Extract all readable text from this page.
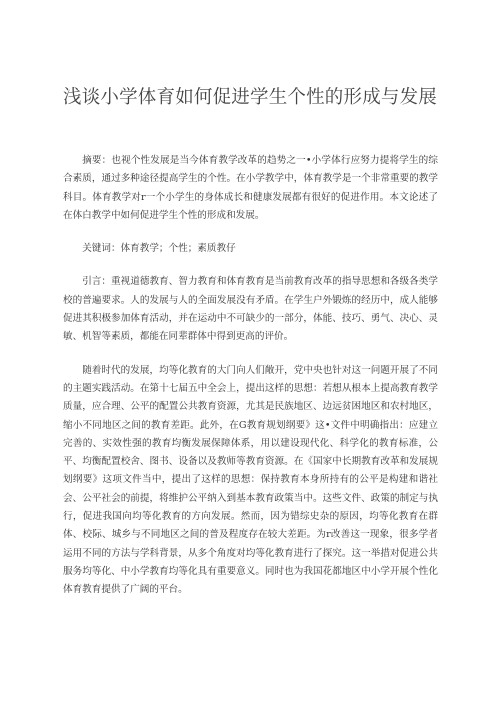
浅谈小学体育如何促进学生个性的形成与发展

摘要：也视个性发展是当今体育教学改革的趋势之一•小学体行应努力提将学生的综合素质，通过多种途径提高学生的个性。在小学教学中，体育教学是一个非常重要的教学科目。体育教学对r一个小学生的身体成长和健康发展都有很好的促进作用。本文论述了在体白教学中如何促进学生个性的形成和发展。

关键词：体育教学；个性；素质教仔

引言：重视道德教育、智力教育和体育教育是当前教育改革的指导思想和各级各类学校的普遍要求。人的发展与人的全面发展没有矛盾。在学生户外锻炼的经历中，成人能够促进其积极参加体育活动，并在运动中不可缺少的一部分，体能、技巧、勇气、决心、灵敏、机智等素质，都能在同辈群体中得到更高的评价。

随着时代的发展，均等化教育的大门向人们敞开，党中央也针对这一问题开展了不同的主题实践活动。在第十七届五中全会上，提出这样的思想：若想从根本上提高教育教学质量，应合理、公平的配置公共教育资源，尤其是民族地区、边远贫困地区和农村地区，缩小不同地区之间的教育差距。此外，在G教育规划纲要》这•文件中明确指出：应建立完善的、实效性强的教育均衡发展保障体系，用以建设现代化、科学化的教育标准，公平、均衡配置校舍、图书、设备以及教师等教育资源。在《国家中长期教育改革和发展规划纲要》这项文件当中，提出了这样的思想：保持教育本身所持有的公平是构建和谐社会、公平社会的前提，将维护公平纳入到基本教育政策当中。这些文件、政策的制定与执行，促进我国向均等化教育的方向发展。然而，因为错综史杂的原因，均等化教育在群体、校际、城乡与不同地区之间的普及程度存在较大差距。为r改善这一现象，很多学者运用不同的方法与学科背景，从多个角度对均等化教育进行了探究。这一举措对促进公共服务均等化、中小学教育均等化具有重要意义。同时也为我国花都地区中小学开展个性化体育教育提供了广阔的平台。
